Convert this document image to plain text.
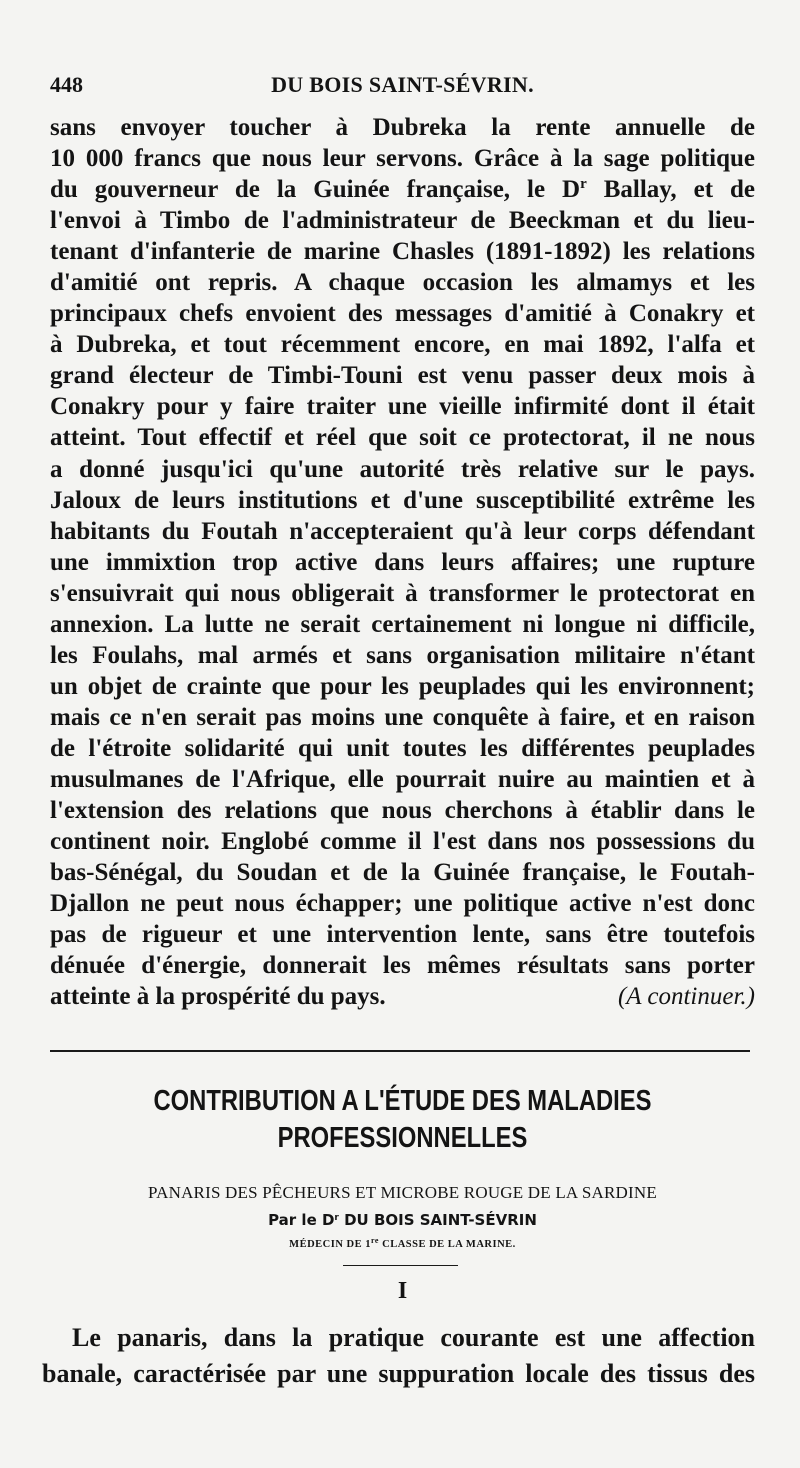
448	DU BOIS SAINT-SÉVRIN.
sans envoyer toucher à Dubreka la rente annuelle de
10 000 francs que nous leur servons. Grâce à la sage politique
du gouverneur de la Guinée française, le $D^r$ Ballay, et de
l'envoi à Timbo de l'administrateur de Beeckman et du lieu-
tenant d'infanterie de marine Chasles (1891-1892) les relations
d'amitié ont repris. A chaque occasion les almamys et les
principaux chefs envoient des messages d'amitié à Conakry et
à Dubreka, et tout récemment encore, en mai 1892, l'alfa et
grand électeur de Timbi-Touni est venu passer deux mois à
Conakry pour y faire traiter une vieille infirmité dont il était
atteint. Tout effectif et réel que soit ce protectorat, il ne nous
a donné jusqu'ici qu'une autorité très relative sur le pays.
Jaloux de leurs institutions et d'une susceptibilité extrême les
habitants du Foutah n'accepteraient qu'à leur corps défendant
une immixtion trop active dans leurs affaires; une rupture
s'ensuivrait qui nous obligerait à transformer le protectorat en
annexion. La lutte ne serait certainement ni longue ni difficile,
les Foulahs, mal armés et sans organisation militaire n'étant
un objet de crainte que pour les peuplades qui les environnent;
mais ce n'en serait pas moins une conquête à faire, et en raison
de l'étroite solidarité qui unit toutes les différentes peuplades
musulmanes de l'Afrique, elle pourrait nuire au maintien et à
l'extension des relations que nous cherchons à établir dans le
continent noir. Englobé comme il l'est dans nos possessions du
bas-Sénégal, du Soudan et de la Guinée française, le Foutah-
Djallon ne peut nous échapper; une politique active n'est donc
pas de rigueur et une intervention lente, sans être toutefois
dénuée d'énergie, donnerait les mêmes résultats sans porter
atteinte à la prospérité du pays.	(A continuer.)
CONTRIBUTION A L'ÉTUDE DES MALADIES
PROFESSIONNELLES
PANARIS DES PÊCHEURS ET MICROBE ROUGE DE LA SARDINE
Par le $D^r$ DU BOIS SAINT-SÉVRIN
MÉDECIN DE 1re CLASSE DE LA MARINE.
I
Le panaris, dans la pratique courante est une affection
banale, caractérisée par une suppuration locale des tissus des
